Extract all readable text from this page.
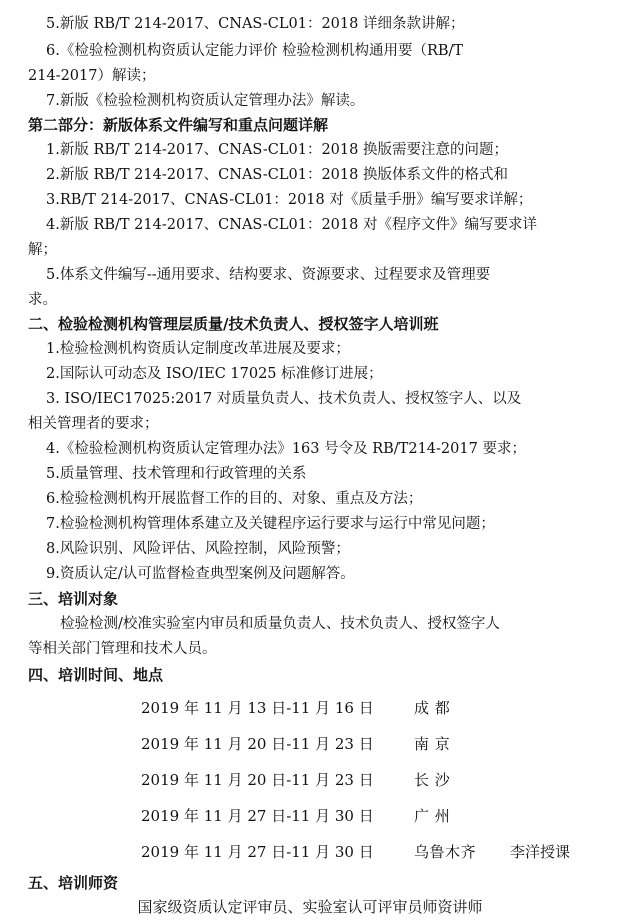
5.新版 RB/T 214-2017、CNAS-CL01：2018 详细条款讲解；
6.《检验检测机构资质认定能力评价 检验检测机构通用要（RB/T
214-2017）解读；
7.新版《检验检测机构资质认定管理办法》解读。
第二部分：新版体系文件编写和重点问题详解
1.新版 RB/T 214-2017、CNAS-CL01：2018 换版需要注意的问题；
2.新版 RB/T 214-2017、CNAS-CL01：2018 换版体系文件的格式和
3.RB/T 214-2017、CNAS-CL01：2018 对《质量手册》编写要求详解；
4.新版 RB/T 214-2017、CNAS-CL01：2018 对《程序文件》编写要求详
解；
5.体系文件编写--通用要求、结构要求、资源要求、过程要求及管理要
求。
二、检验检测机构管理层质量/技术负责人、授权签字人培训班
1.检验检测机构资质认定制度改革进展及要求；
2.国际认可动态及 ISO/IEC 17025 标准修订进展；
3. ISO/IEC17025:2017 对质量负责人、技术负责人、授权签字人、以及
相关管理者的要求；
4.《检验检测机构资质认定管理办法》163 号令及 RB/T214-2017 要求；
5.质量管理、技术管理和行政管理的关系
6.检验检测机构开展监督工作的目的、对象、重点及方法；
7.检验检测机构管理体系建立及关键程序运行要求与运行中常见问题；
8.风险识别、风险评估、风险控制，风险预警；
9.资质认定/认可监督检查典型案例及问题解答。
三、培训对象
检验检测/校准实验室内审员和质量负责人、技术负责人、授权签字人
等相关部门管理和技术人员。
四、培训时间、地点
2019 年 11 月 13 日-11 月 16 日	成 都
2019 年 11 月 20 日-11 月 23 日	南 京
2019 年 11 月 20 日-11 月 23 日	长 沙
2019 年 11 月 27 日-11 月 30 日	广 州
2019 年 11 月 27 日-11 月 30 日	乌鲁木齐 李洋授课
五、培训师资
国家级资质认定评审员、实验室认可评审员师资讲师
